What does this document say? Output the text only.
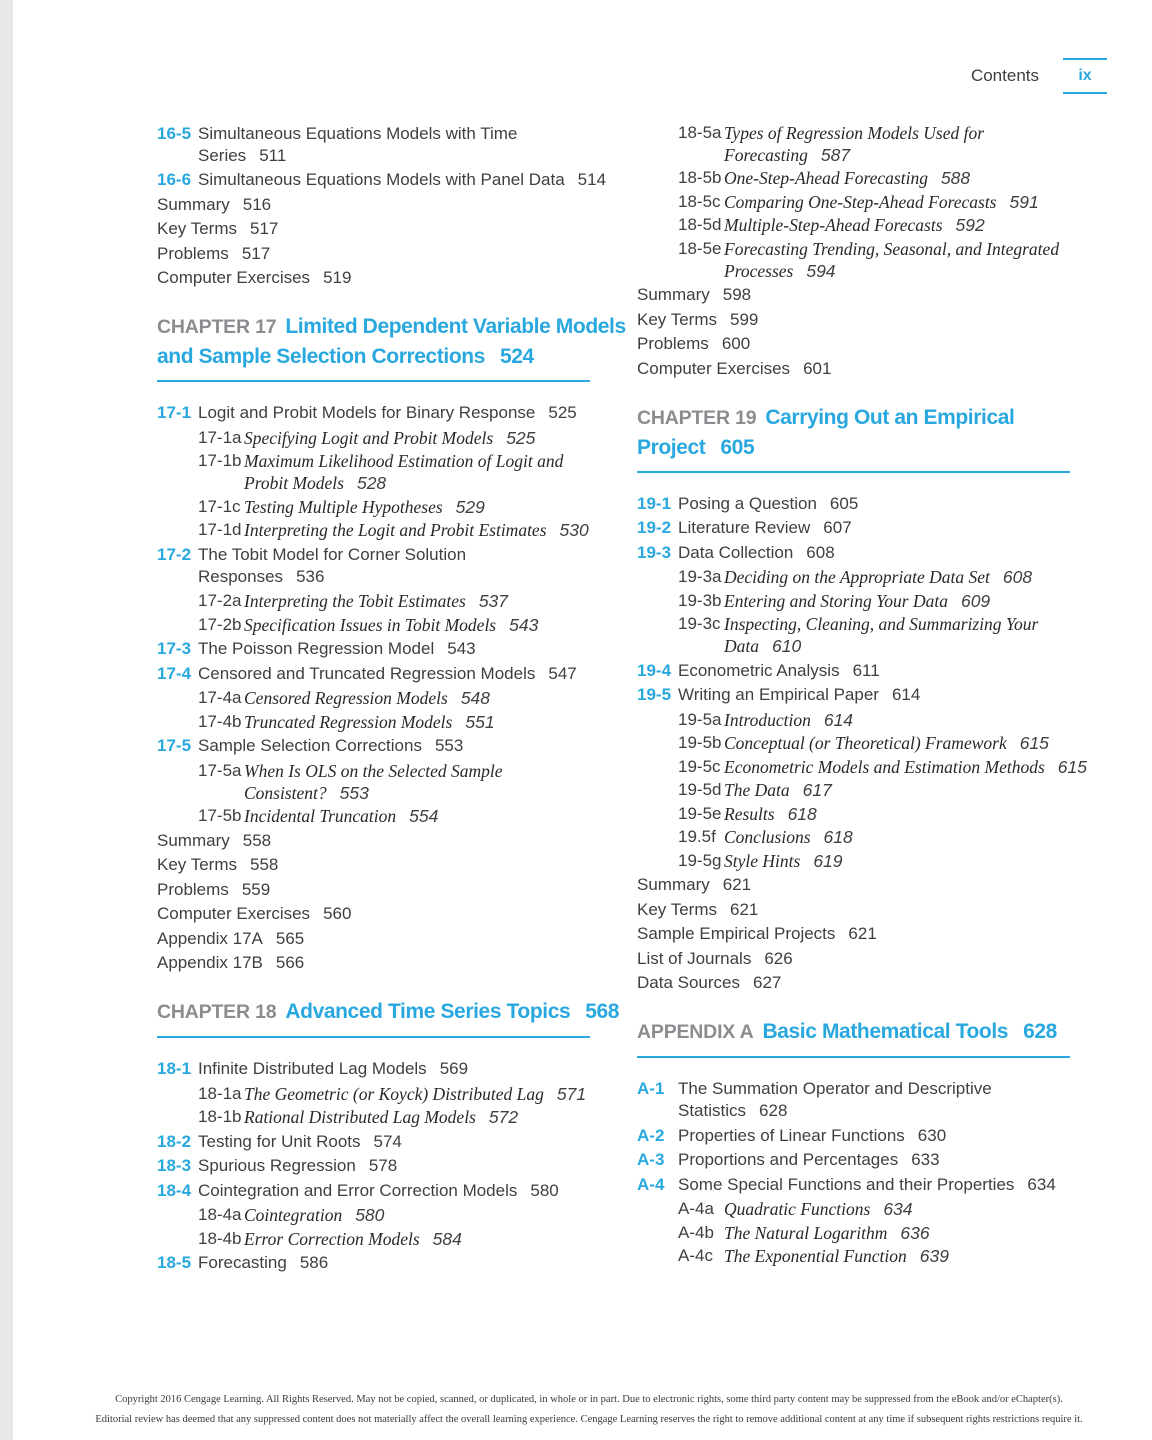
Contents	ix
16-5 Simultaneous Equations Models with Time
Series 511
16-6 Simultaneous Equations Models with Panel Data 514
Summary 516
Key Terms 517
Problems 517
Computer Exercises 519
CHAPTER 17 Limited Dependent Variable Models
and Sample Selection Corrections 524
17-1 Logit and Probit Models for Binary Response 525
17-1a Specifying Logit and Probit Models 525
17-1b Maximum Likelihood Estimation of Logit and
Probit Models 528
17-1c Testing Multiple Hypotheses 529
17-1d Interpreting the Logit and Probit Estimates 530
17-2 The Tobit Model for Corner Solution
Responses 536
17-2a Interpreting the Tobit Estimates 537
17-2b Specification Issues in Tobit Models 543
17-3 The Poisson Regression Model 543
17-4 Censored and Truncated Regression Models 547
17-4a Censored Regression Models 548
17-4b Truncated Regression Models 551
17-5 Sample Selection Corrections 553
17-5a When Is OLS on the Selected Sample
Consistent? 553
17-5b Incidental Truncation 554
Summary 558
Key Terms 558
Problems 559
Computer Exercises 560
Appendix 17A 565
Appendix 17B 566
CHAPTER 18 Advanced Time Series Topics 568
18-1 Infinite Distributed Lag Models 569
18-1a The Geometric (or Koyck) Distributed Lag 571
18-1b Rational Distributed Lag Models 572
18-2 Testing for Unit Roots 574
18-3 Spurious Regression 578
18-4 Cointegration and Error Correction Models 580
18-4a Cointegration 580
18-4b Error Correction Models 584
18-5 Forecasting 586
18-5a Types of Regression Models Used for
Forecasting 587
18-5b One-Step-Ahead Forecasting 588
18-5c Comparing One-Step-Ahead Forecasts 591
18-5d Multiple-Step-Ahead Forecasts 592
18-5e Forecasting Trending, Seasonal, and Integrated
Processes 594
Summary 598
Key Terms 599
Problems 600
Computer Exercises 601
CHAPTER 19 Carrying Out an Empirical
Project 605
19-1 Posing a Question 605
19-2 Literature Review 607
19-3 Data Collection 608
19-3a Deciding on the Appropriate Data Set 608
19-3b Entering and Storing Your Data 609
19-3c Inspecting, Cleaning, and Summarizing Your
Data 610
19-4 Econometric Analysis 611
19-5 Writing an Empirical Paper 614
19-5a Introduction 614
19-5b Conceptual (or Theoretical) Framework 615
19-5c Econometric Models and Estimation Methods 615
19-5d The Data 617
19-5e Results 618
19.5f Conclusions 618
19-5g Style Hints 619
Summary 621
Key Terms 621
Sample Empirical Projects 621
List of Journals 626
Data Sources 627
APPENDIX A Basic Mathematical Tools 628
A-1 The Summation Operator and Descriptive
Statistics 628
A-2 Properties of Linear Functions 630
A-3 Proportions and Percentages 633
A-4 Some Special Functions and their Properties 634
A-4a Quadratic Functions 634
A-4b The Natural Logarithm 636
A-4c The Exponential Function 639
Copyright 2016 Cengage Learning. All Rights Reserved. May not be copied, scanned, or duplicated, in whole or in part. Due to electronic rights, some third party content may be suppressed from the eBook and/or eChapter(s).
Editorial review has deemed that any suppressed content does not materially affect the overall learning experience. Cengage Learning reserves the right to remove additional content at any time if subsequent rights restrictions require it.
